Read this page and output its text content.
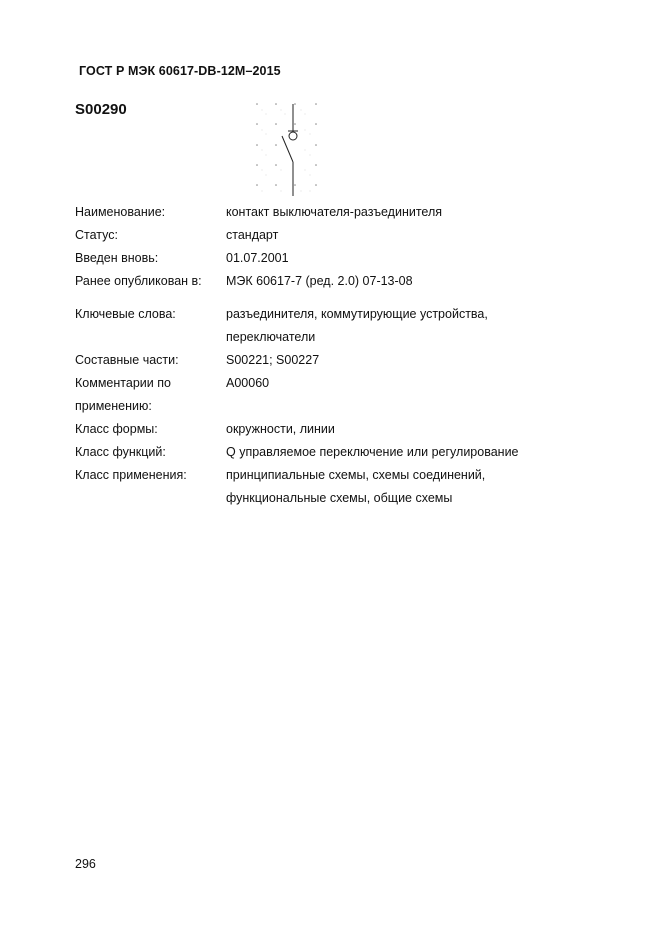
ГОСТ Р МЭК 60617-DB-12M–2015
S00290
Наименование:	контакт выключателя-разъединителя
Статус:	стандарт
Введен вновь:	01.07.2001
Ранее опубликован в:	МЭК 60617-7 (ред. 2.0) 07-13-08
Ключевые слова:	разъединителя, коммутирующие устройства,
переключатели
Составные части:	S00221; S00227
Комментарии по	A00060
применению:
Класс формы:	окружности, линии
Класс функций:	Q управляемое переключение или регулирование
Класс применения:	принципиальные схемы, схемы соединений,
функциональные схемы, общие схемы
296
